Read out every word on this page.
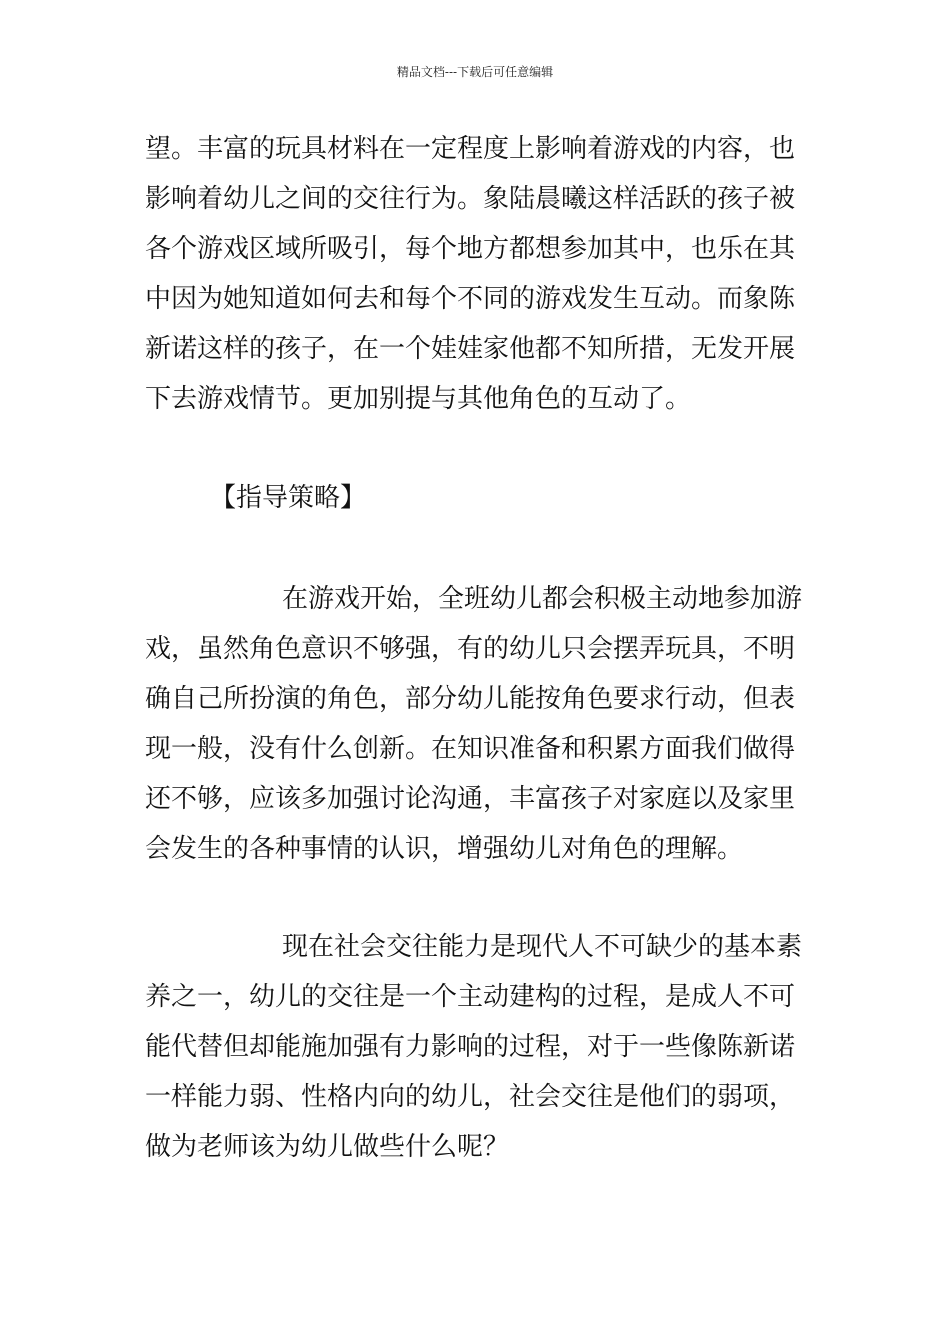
精品文档---下载后可任意编辑
望。丰富的玩具材料在一定程度上影响着游戏的内容，也
影响着幼儿之间的交往行为。象陆晨曦这样活跃的孩子被
各个游戏区域所吸引，每个地方都想参加其中，也乐在其
中因为她知道如何去和每个不同的游戏发生互动。而象陈
新诺这样的孩子，在一个娃娃家他都不知所措，无发开展
下去游戏情节。更加别提与其他角色的互动了。
【指导策略】
在游戏开始，全班幼儿都会积极主动地参加游
戏，虽然角色意识不够强，有的幼儿只会摆弄玩具，不明
确自己所扮演的角色，部分幼儿能按角色要求行动，但表
现一般，没有什么创新。在知识准备和积累方面我们做得
还不够，应该多加强讨论沟通，丰富孩子对家庭以及家里
会发生的各种事情的认识，增强幼儿对角色的理解。
现在社会交往能力是现代人不可缺少的基本素
养之一，幼儿的交往是一个主动建构的过程，是成人不可
能代替但却能施加强有力影响的过程，对于一些像陈新诺
一样能力弱、性格内向的幼儿，社会交往是他们的弱项，
做为老师该为幼儿做些什么呢？
